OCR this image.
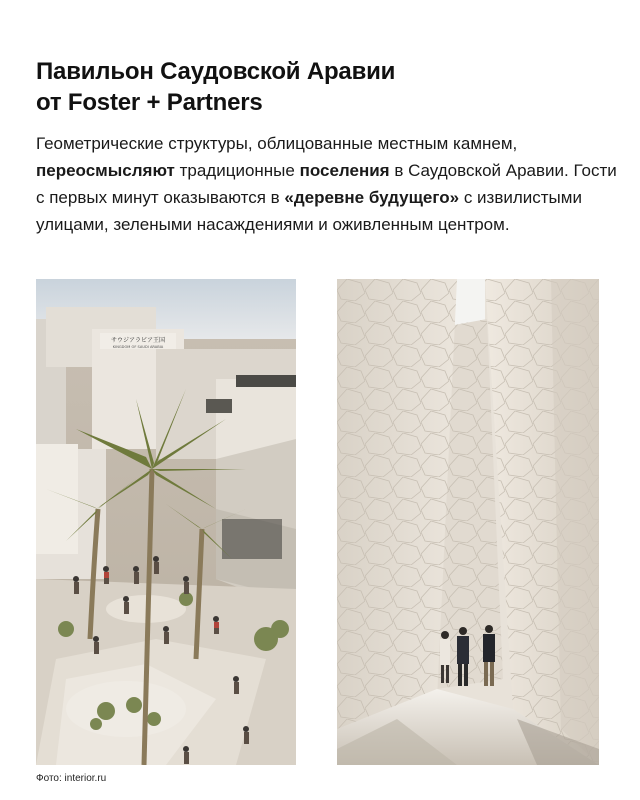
Павильон Саудовской Аравии
от Foster + Partners

Геометрические структуры, облицованные местным камнем, переосмысляют традиционные поселения в Саудовской Аравии. Гости с первых минут оказываются в «деревне будущего» с извилистыми улицами, зелеными насаждениями и оживленным центром.

サウジアラビア王国
KINGDOM OF SAUDI ARABIA
Фото: interior.ru
